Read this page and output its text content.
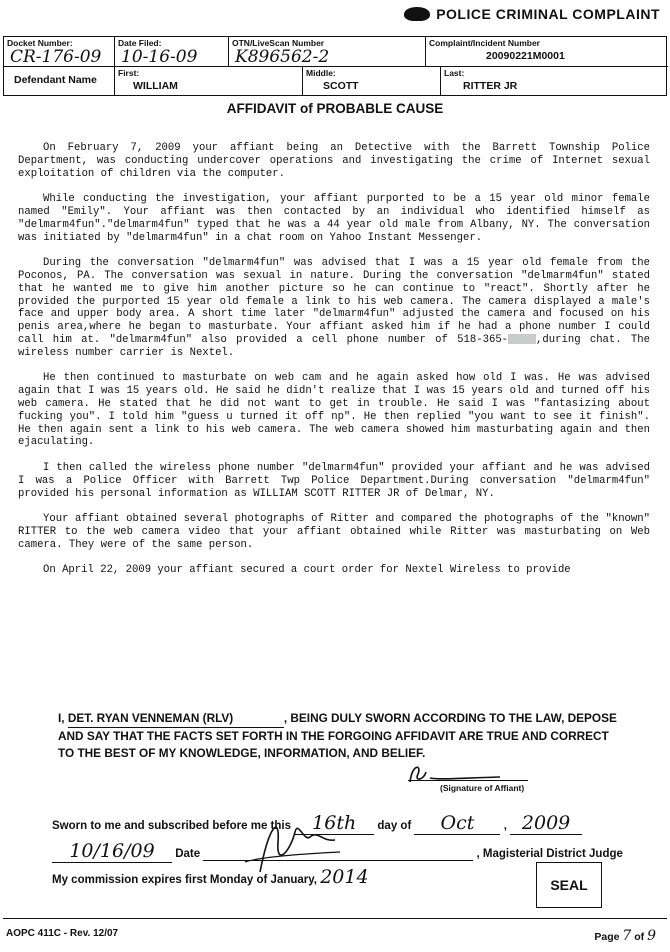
POLICE CRIMINAL COMPLAINT
Docket Number:
CR-176-09
Date Filed:
10-16-09
OTN/LiveScan Number
K896562-2
Complaint/Incident Number
20090221M0001
Defendant Name
First:
WILLIAM
Middle:
SCOTT
Last:
RITTER JR
AFFIDAVIT of PROBABLE CAUSE

On February 7, 2009 your affiant being an Detective with the Barrett Township Police Department, was conducting undercover operations and investigating the crime of Internet sexual exploitation of children via the computer.

While conducting the investigation, your affiant purported to be a 15 year old minor female named "Emily". Your affiant was then contacted by an individual who identified himself as "delmarm4fun"."delmarm4fun" typed that he was a 44 year old male from Albany, NY. The conversation was initiated by "delmarm4fun" in a chat room on Yahoo Instant Messenger.

During the conversation "delmarm4fun" was advised that I was a 15 year old female from the Poconos, PA. The conversation was sexual in nature. During the conversation "delmarm4fun" stated that he wanted me to give him another picture so he can continue to "react". Shortly after he provided the purported 15 year old female a link to his web camera. The camera displayed a male's face and upper body area. A short time later "delmarm4fun" adjusted the camera and focused on his penis area,where he began to masturbate. Your affiant asked him if he had a phone number I could call him at. "delmarm4fun" also provided a cell phone number of 518-365-	,during chat. The wireless number carrier is Nextel.

He then continued to masturbate on web cam and he again asked how old I was. He was advised again that I was 15 years old. He said he didn't realize that I was 15 years old and turned off his web camera. He stated that he did not want to get in trouble. He said I was "fantasizing about fucking you". I told him "guess u turned it off np". He then replied "you want to see it finish". He then again sent a link to his web camera. The web camera showed him masturbating again and then ejaculating.

I then called the wireless phone number "delmarm4fun" provided your affiant and he was advised I was a Police Officer with Barrett Twp Police Department.During conversation "delmarm4fun" provided his personal information as WILLIAM SCOTT RITTER JR of Delmar, NY.

Your affiant obtained several photographs of Ritter and compared the photographs of the "known" RITTER to the web camera video that your affiant obtained while Ritter was masturbating on Web camera. They were of the same person.

On April 22, 2009 your affiant secured a court order for Nextel Wireless to provide

I, DET. RYAN VENNEMAN (RLV)	, BEING DULY SWORN ACCORDING TO THE LAW, DEPOSE AND SAY THAT THE FACTS SET FORTH IN THE FORGOING AFFIDAVIT ARE TRUE AND CORRECT TO THE BEST OF MY KNOWLEDGE, INFORMATION, AND BELIEF.
(Signature of Affiant)
Sworn to me and subscribed before me this 16th day of Oct	, 2009
10/16/09 Date	, Magisterial District Judge
My commission expires first Monday of January, 2014	SEAL
AOPC 411C - Rev. 12/07	Page 7 of 9
